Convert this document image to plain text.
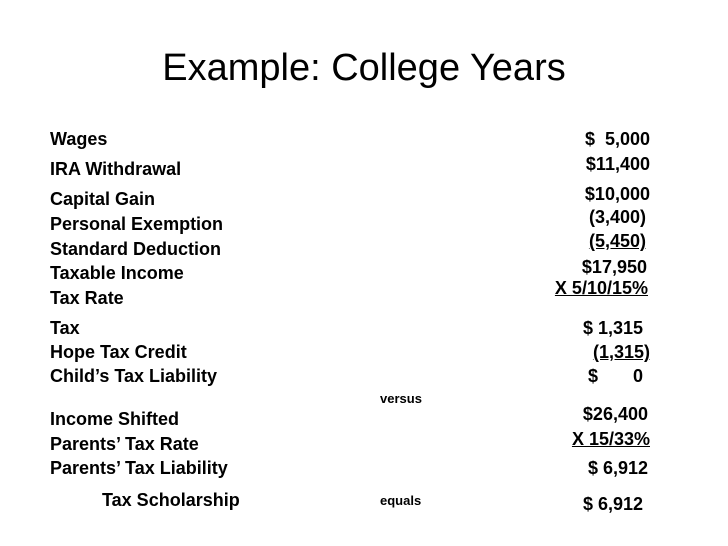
Example: College Years
Wages
IRA Withdrawal
Capital Gain
Personal Exemption
Standard Deduction
Taxable Income
Tax Rate
Tax
Hope Tax Credit
Child’s Tax Liability
Income Shifted
Parents’ Tax Rate
Parents’ Tax Liability
Tax Scholarship
versus
equals
$  5,000
$11,400
$10,000
(3,400)
(5,450)
$17,950
X 5/10/15%
$ 1,315
(1,315)
$       0
$26,400
X 15/33%
$ 6,912
$ 6,912
